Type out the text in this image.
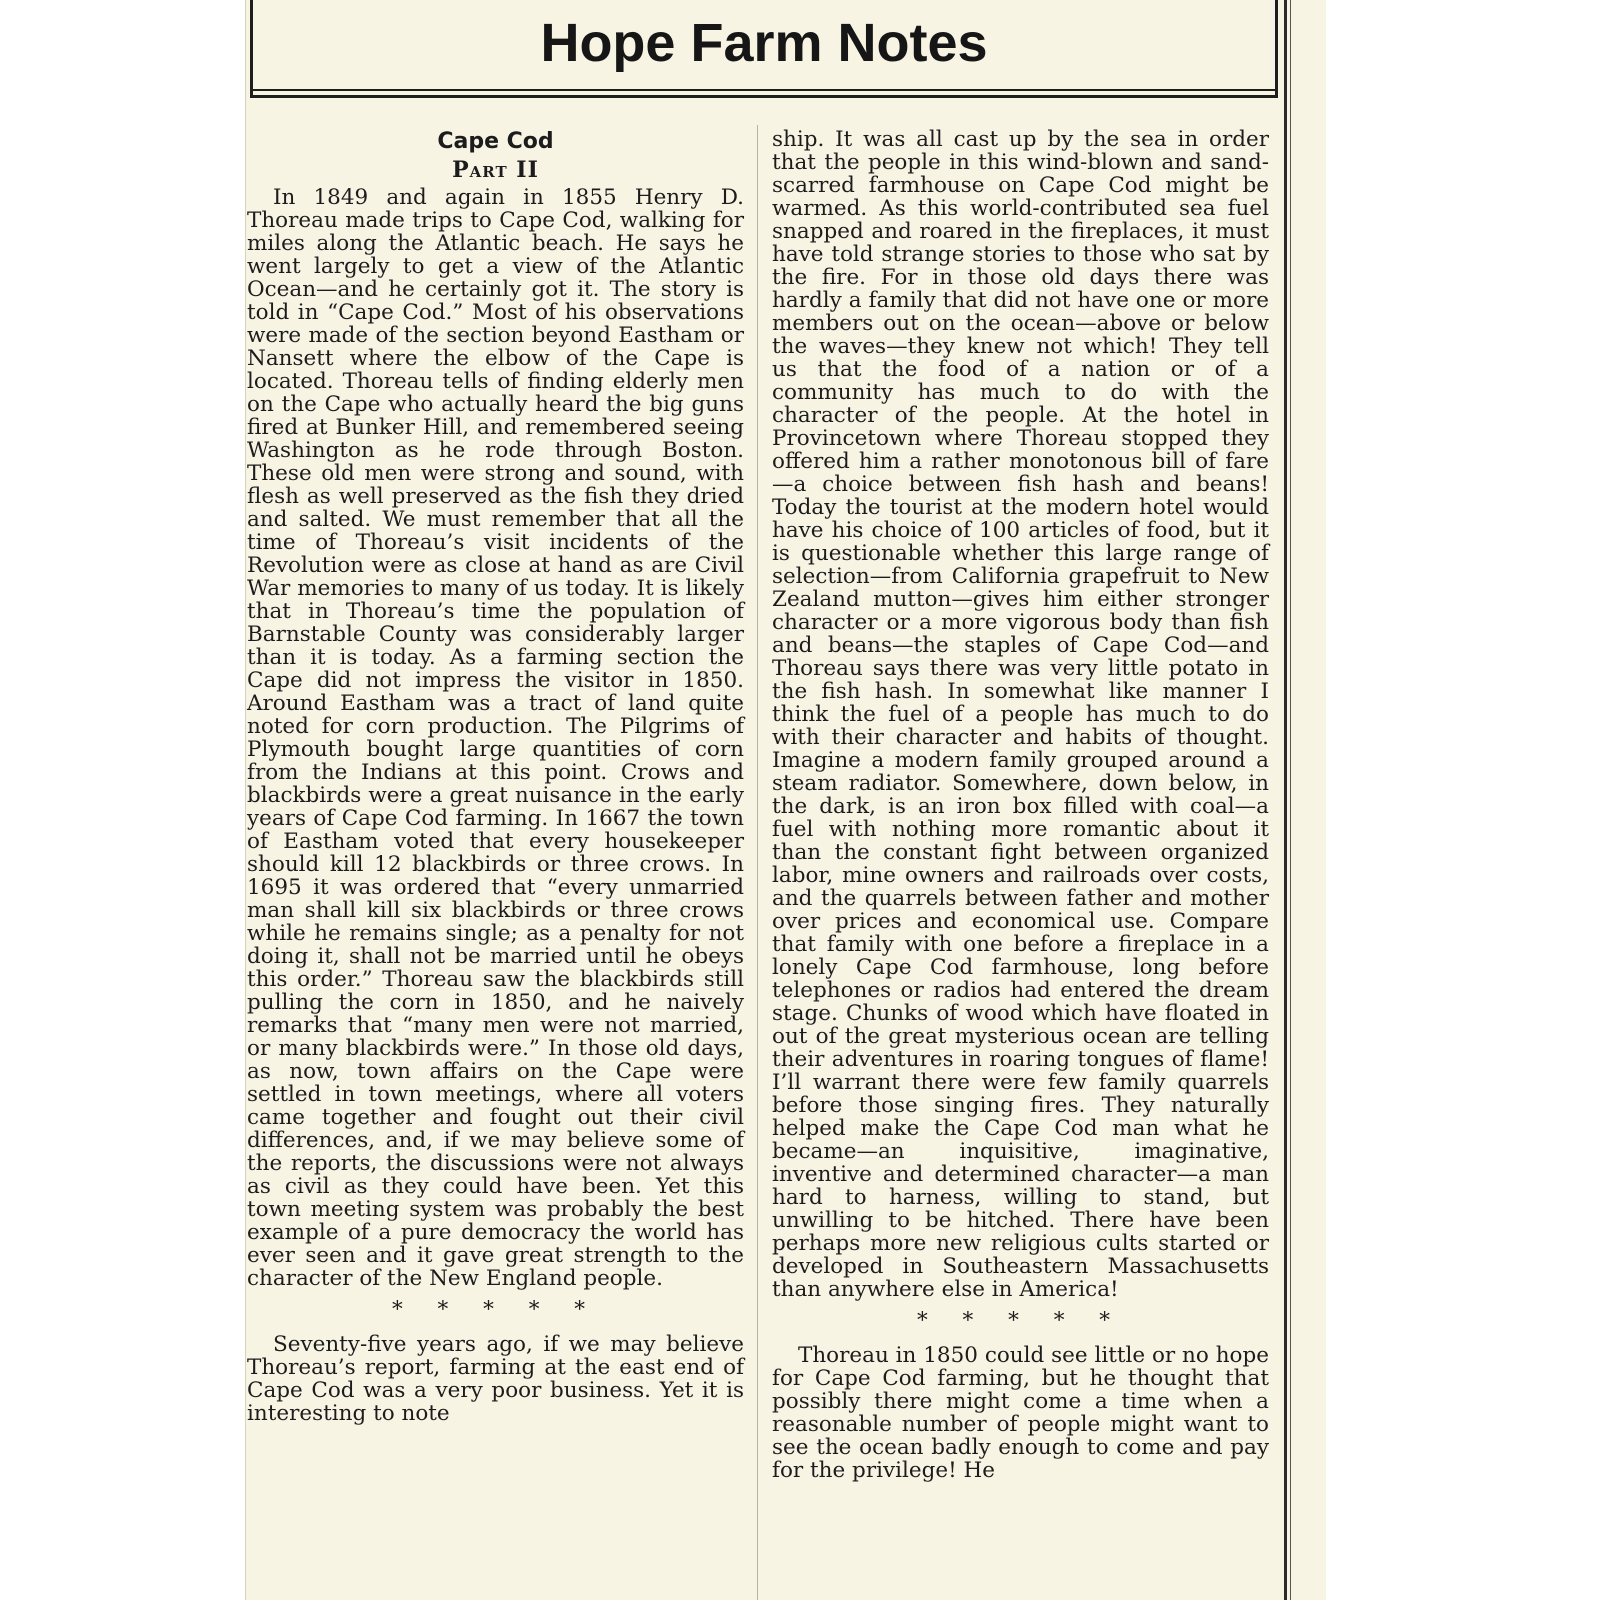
Hope Farm Notes

Cape Cod

Part II

In 1849 and again in 1855 Henry D. Thoreau made trips to Cape Cod, walking for miles along the Atlantic beach. He says he went largely to get a view of the Atlantic Ocean—and he certainly got it. The story is told in “Cape Cod.” Most of his observations were made of the section beyond Eastham or Nansett where the elbow of the Cape is located. Thoreau tells of finding elderly men on the Cape who actually heard the big guns fired at Bunker Hill, and remembered seeing Washington as he rode through Boston. These old men were strong and sound, with flesh as well preserved as the fish they dried and salted. We must remember that all the time of Thoreau’s visit incidents of the Revolution were as close at hand as are Civil War memories to many of us today. It is likely that in Thoreau’s time the population of Barnstable County was considerably larger than it is today. As a farming section the Cape did not impress the visitor in 1850. Around Eastham was a tract of land quite noted for corn production. The Pilgrims of Plymouth bought large quantities of corn from the Indians at this point. Crows and blackbirds were a great nuisance in the early years of Cape Cod farming. In 1667 the town of Eastham voted that every housekeeper should kill 12 blackbirds or three crows. In 1695 it was ordered that “every unmarried man shall kill six blackbirds or three crows while he remains single; as a penalty for not doing it, shall not be married until he obeys this order.” Thoreau saw the blackbirds still pulling the corn in 1850, and he naively remarks that “many men were not married, or many blackbirds were.” In those old days, as now, town affairs on the Cape were settled in town meetings, where all voters came together and fought out their civil differences, and, if we may believe some of the reports, the discussions were not always as civil as they could have been. Yet this town meeting system was probably the best example of a pure democracy the world has ever seen and it gave great strength to the character of the New England people.

* * * * *

Seventy-five years ago, if we may believe Thoreau’s report, farming at the east end of Cape Cod was a very poor business. Yet it is interesting to note

ship. It was all cast up by the sea in order that the people in this wind-blown and sand-scarred farmhouse on Cape Cod might be warmed. As this world-contributed sea fuel snapped and roared in the fireplaces, it must have told strange stories to those who sat by the fire. For in those old days there was hardly a family that did not have one or more members out on the ocean—above or below the waves—they knew not which! They tell us that the food of a nation or of a community has much to do with the character of the people. At the hotel in Provincetown where Thoreau stopped they offered him a rather monotonous bill of fare—a choice between fish hash and beans! Today the tourist at the modern hotel would have his choice of 100 articles of food, but it is questionable whether this large range of selection—from California grapefruit to New Zealand mutton—gives him either stronger character or a more vigorous body than fish and beans—the staples of Cape Cod—and Thoreau says there was very little potato in the fish hash. In somewhat like manner I think the fuel of a people has much to do with their character and habits of thought. Imagine a modern family grouped around a steam radiator. Somewhere, down below, in the dark, is an iron box filled with coal—a fuel with nothing more romantic about it than the constant fight between organized labor, mine owners and railroads over costs, and the quarrels between father and mother over prices and economical use. Compare that family with one before a fireplace in a lonely Cape Cod farmhouse, long before telephones or radios had entered the dream stage. Chunks of wood which have floated in out of the great mysterious ocean are telling their adventures in roaring tongues of flame! I’ll warrant there were few family quarrels before those singing fires. They naturally helped make the Cape Cod man what he became—an inquisitive, imaginative, inventive and determined character—a man hard to harness, willing to stand, but unwilling to be hitched. There have been perhaps more new religious cults started or developed in Southeastern Massachusetts than anywhere else in America!

* * * * *

Thoreau in 1850 could see little or no hope for Cape Cod farming, but he thought that possibly there might come a time when a reasonable number of people might want to see the ocean badly enough to come and pay for the privilege! He
